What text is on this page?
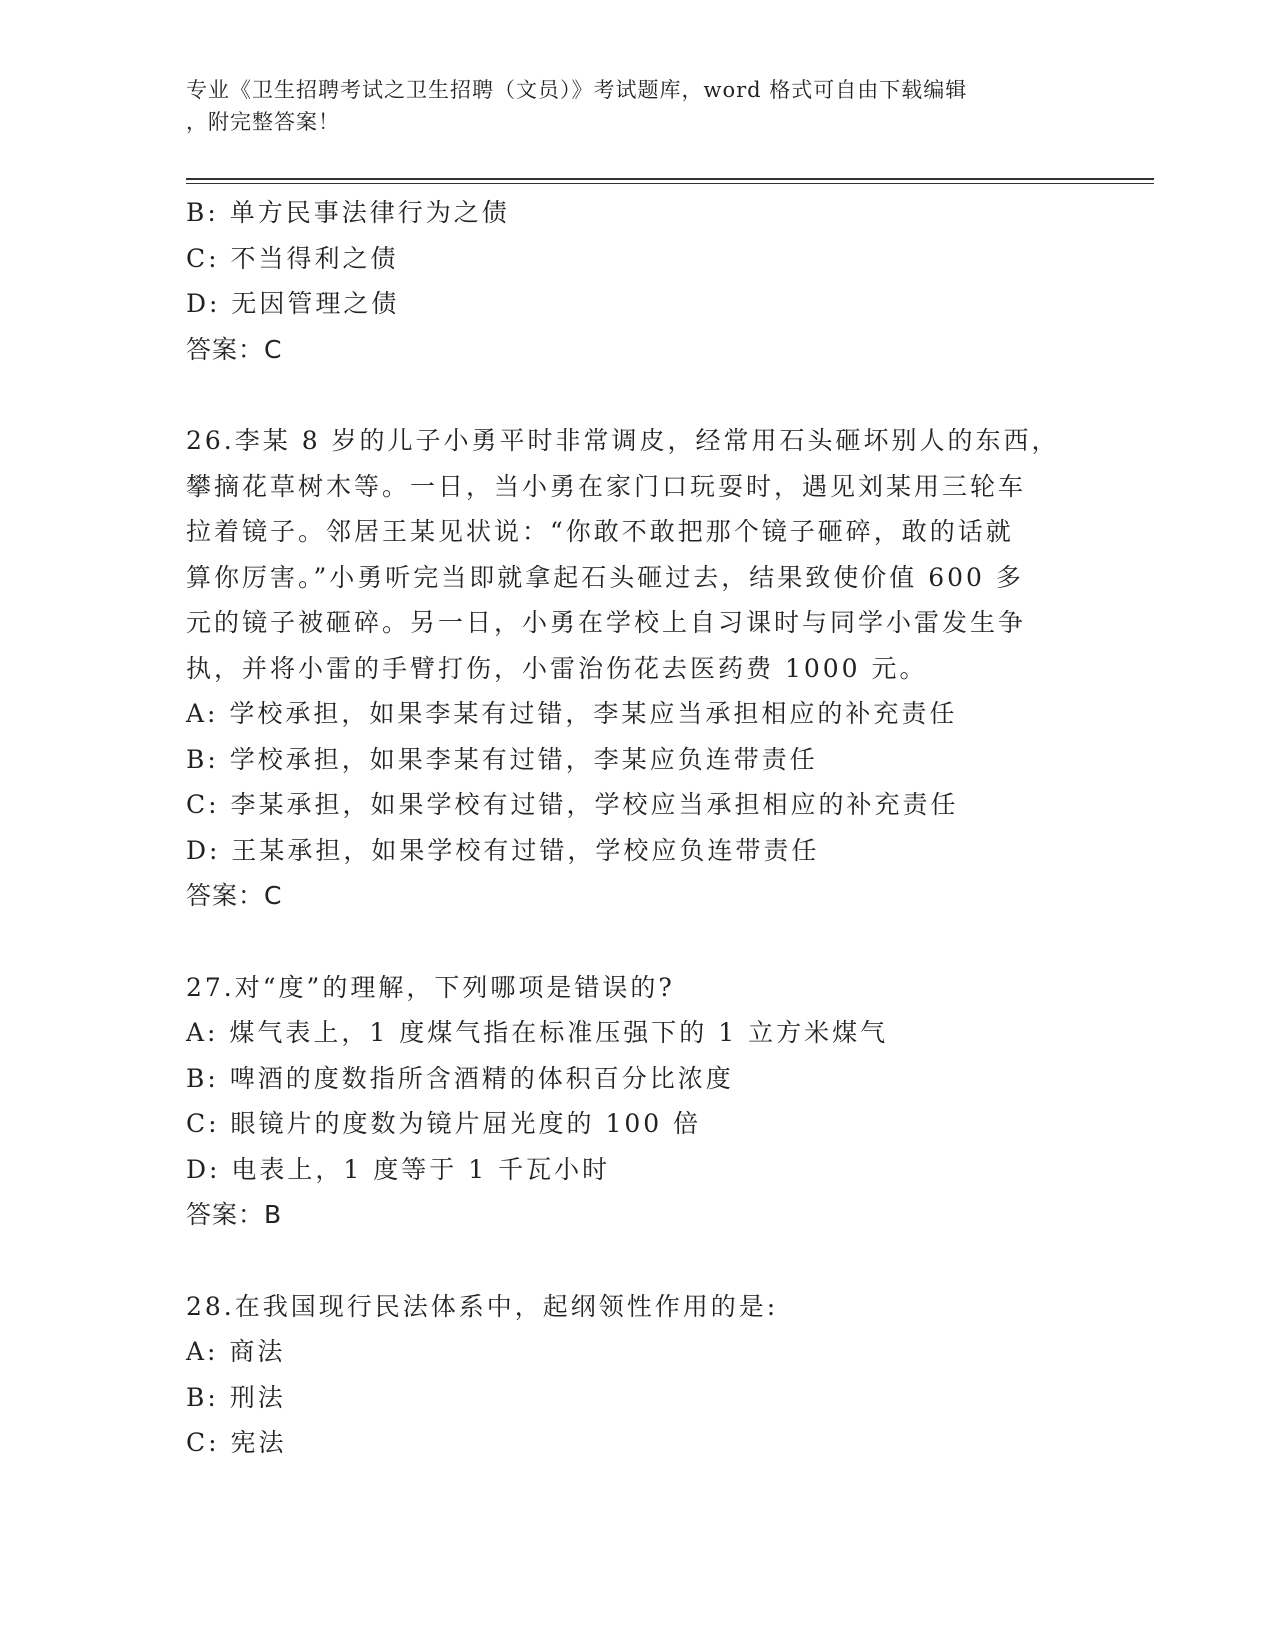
专业《卫生招聘考试之卫生招聘（文员）》考试题库，word 格式可自由下载编辑
，附完整答案！
B: 单方民事法律行为之债
C: 不当得利之债
D: 无因管理之债
答案：C
26.李某 8 岁的儿子小勇平时非常调皮，经常用石头砸坏别人的东西，
攀摘花草树木等。一日，当小勇在家门口玩耍时，遇见刘某用三轮车
拉着镜子。邻居王某见状说：“你敢不敢把那个镜子砸碎，敢的话就
算你厉害。”小勇听完当即就拿起石头砸过去，结果致使价值 600 多
元的镜子被砸碎。另一日，小勇在学校上自习课时与同学小雷发生争
执，并将小雷的手臂打伤，小雷治伤花去医药费 1000 元。
A: 学校承担，如果李某有过错，李某应当承担相应的补充责任
B: 学校承担，如果李某有过错，李某应负连带责任
C: 李某承担，如果学校有过错，学校应当承担相应的补充责任
D: 王某承担，如果学校有过错，学校应负连带责任
答案：C
27.对“度”的理解，下列哪项是错误的?
A: 煤气表上，1 度煤气指在标准压强下的 1 立方米煤气
B: 啤酒的度数指所含酒精的体积百分比浓度
C: 眼镜片的度数为镜片屈光度的 100 倍
D: 电表上，1 度等于 1 千瓦小时
答案：B
28.在我国现行民法体系中，起纲领性作用的是:
A: 商法
B: 刑法
C: 宪法
